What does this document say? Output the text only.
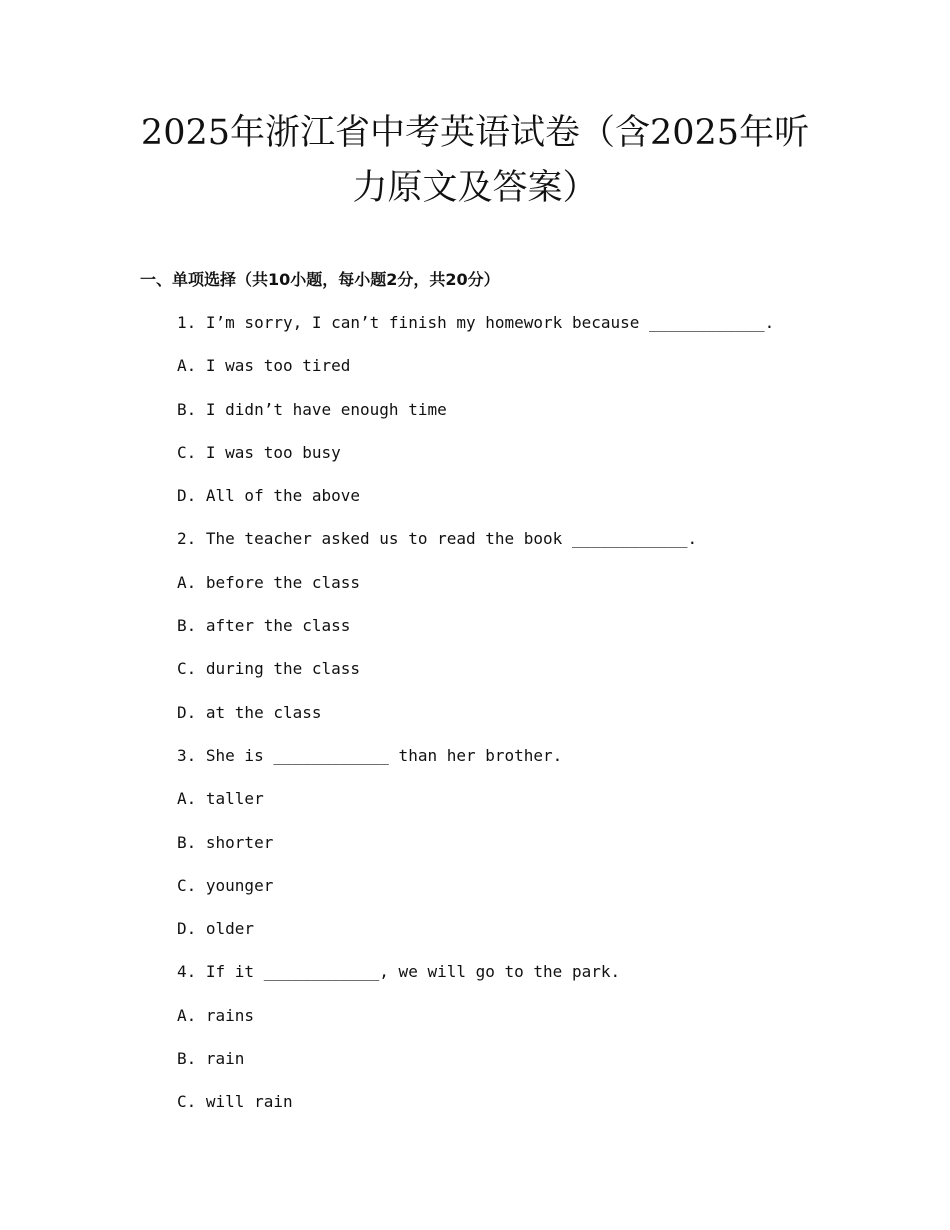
2025年浙江省中考英语试卷（含2025年听
力原文及答案）
一、单项选择（共10小题，每小题2分，共20分）
1. I’m sorry, I can’t finish my homework because ____________.
A. I was too tired
B. I didn’t have enough time
C. I was too busy
D. All of the above
2. The teacher asked us to read the book ____________.
A. before the class
B. after the class
C. during the class
D. at the class
3. She is ____________ than her brother.
A. taller
B. shorter
C. younger
D. older
4. If it ____________, we will go to the park.
A. rains
B. rain
C. will rain
